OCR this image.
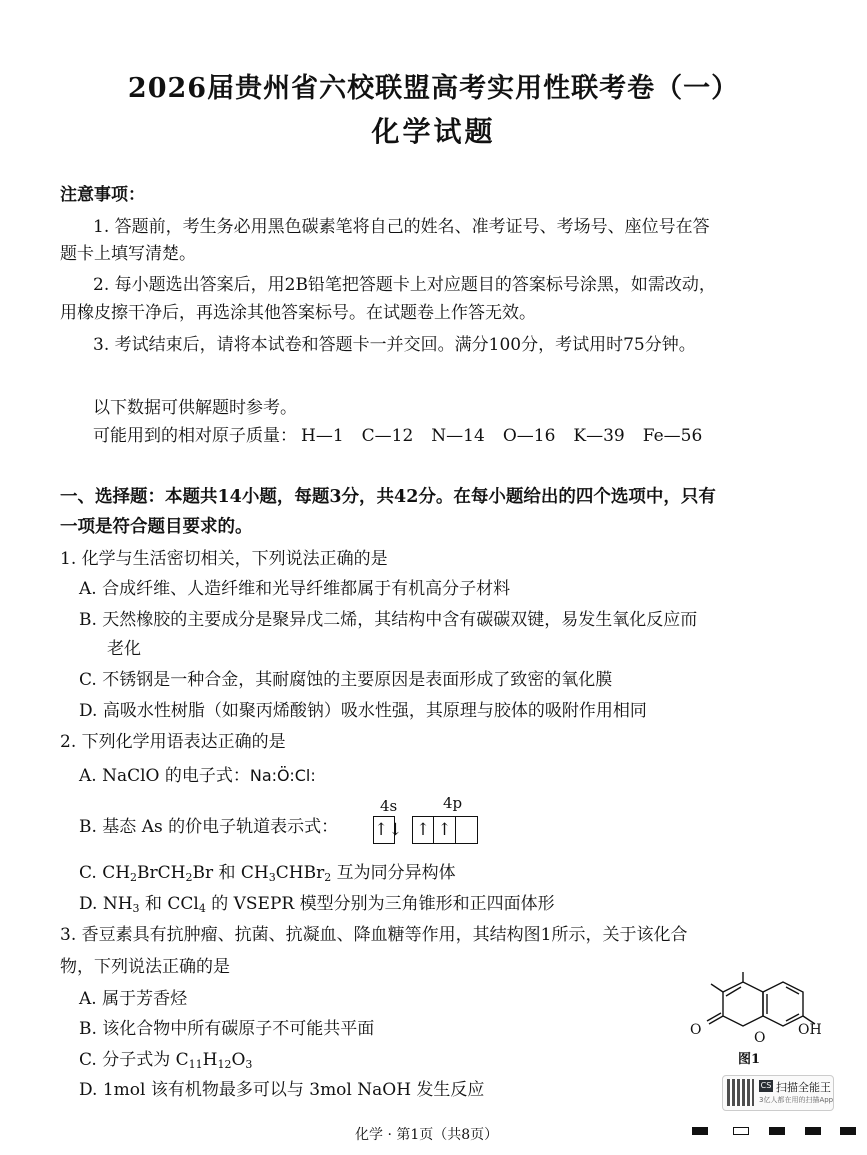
2026届贵州省六校联盟高考实用性联考卷（一）
化学试题
注意事项：
1. 答题前，考生务必用黑色碳素笔将自己的姓名、准考证号、考场号、座位号在答
题卡上填写清楚。
2. 每小题选出答案后，用2B铅笔把答题卡上对应题目的答案标号涂黑，如需改动，
用橡皮擦干净后，再选涂其他答案标号。在试题卷上作答无效。
3. 考试结束后，请将本试卷和答题卡一并交回。满分100分，考试用时75分钟。
以下数据可供解题时参考。
可能用到的相对原子质量： H—1 C—12 N—14 O—16 K—39 Fe—56
一、选择题：本题共14小题，每题3分，共42分。在每小题给出的四个选项中，只有
一项是符合题目要求的。
1. 化学与生活密切相关，下列说法正确的是
A. 合成纤维、人造纤维和光导纤维都属于有机高分子材料
B. 天然橡胶的主要成分是聚异戊二烯，其结构中含有碳碳双键，易发生氧化反应而
老化
C. 不锈钢是一种合金，其耐腐蚀的主要原因是表面形成了致密的氧化膜
D. 高吸水性树脂（如聚丙烯酸钠）吸水性强，其原理与胶体的吸附作用相同
2. 下列化学用语表达正确的是
A. NaClO 的电子式：Na:Ö:Cl:
B. 基态 As 的价电子轨道表示式：
4s	4p
↑↓ ↑ ↑
C. $CH_2BrCH_2Br$ 和 $CH_3CHBr_2$ 互为同分异构体
D. $NH_3$ 和 CCl$_4$ 的 VSEPR 模型分别为三角锥形和正四面体形
3. 香豆素具有抗肿瘤、抗菌、抗凝血、降血糖等作用，其结构图1所示，关于该化合
物，下列说法正确的是
A. 属于芳香烃
B. 该化合物中所有碳原子不可能共平面
C. 分子式为 $C_{11}H_{12}O_3$
D. 1mol 该有机物最多可以与 3mol NaOH 发生反应
O	O OH
图1
CS 扫描全能王
3亿人都在用的扫描App
化学 · 第1页（共8页）
